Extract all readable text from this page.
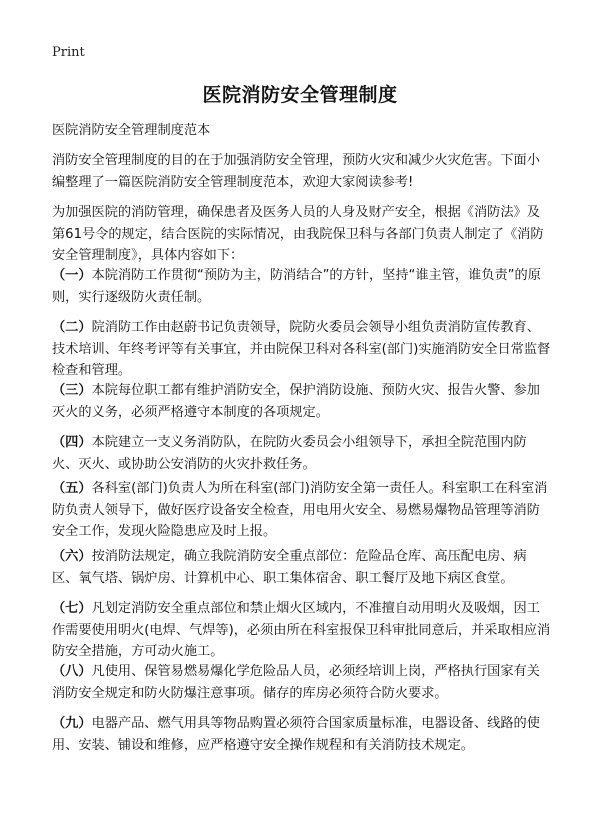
Print
医院消防安全管理制度
医院消防安全管理制度范本
消防安全管理制度的目的在于加强消防安全管理，预防火灾和减少火灾危害。下面小编整理了一篇医院消防安全管理制度范本，欢迎大家阅读参考!
为加强医院的消防管理，确保患者及医务人员的人身及财产安全，根据《消防法》及第61号令的规定，结合医院的实际情况，由我院保卫科与各部门负责人制定了《消防安全管理制度》，具体内容如下：
（一）本院消防工作贯彻“预防为主，防消结合”的方针，坚持“谁主管，谁负责”的原则，实行逐级防火责任制。
（二）院消防工作由赵蔚书记负责领导，院防火委员会领导小组负责消防宣传教育、技术培训、年终考评等有关事宜，并由院保卫科对各科室(部门)实施消防安全日常监督检查和管理。
（三）本院每位职工都有维护消防安全，保护消防设施、预防火灾、报告火警、参加灭火的义务，必须严格遵守本制度的各项规定。
（四）本院建立一支义务消防队，在院防火委员会小组领导下，承担全院范围内防火、灭火、或协助公安消防的火灾扑救任务。
（五）各科室(部门)负责人为所在科室(部门)消防安全第一责任人。科室职工在科室消防负责人领导下，做好医疗设备安全检查，用电用火安全、易燃易爆物品管理等消防安全工作，发现火险隐患应及时上报。
（六）按消防法规定，确立我院消防安全重点部位：危险品仓库、高压配电房、病区、氧气塔、锅炉房、计算机中心、职工集体宿舍、职工餐厅及地下病区食堂。
（七）凡划定消防安全重点部位和禁止烟火区域内，不准擅自动用明火及吸烟，因工作需要使用明火(电焊、气焊等)，必须由所在科室报保卫科审批同意后，并采取相应消防安全措施，方可动火施工。
（八）凡使用、保管易燃易爆化学危险品人员，必须经培训上岗，严格执行国家有关消防安全规定和防火防爆注意事项。储存的库房必须符合防火要求。
（九）电器产品、燃气用具等物品购置必须符合国家质量标准，电器设备、线路的使用、安装、铺设和维修，应严格遵守安全操作规程和有关消防技术规定。
